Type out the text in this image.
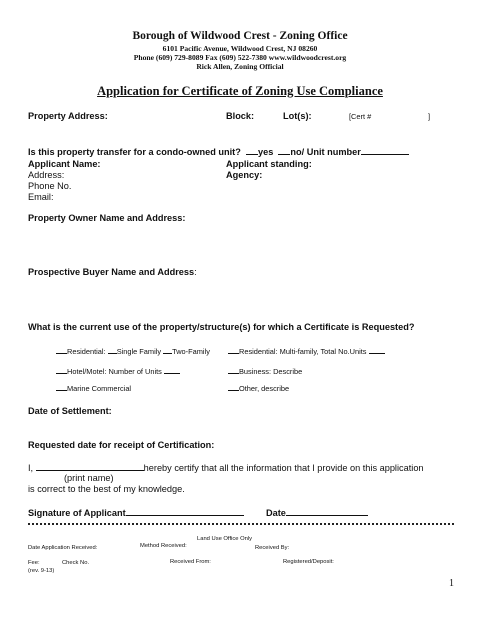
Borough of Wildwood Crest - Zoning Office
6101 Pacific Avenue, Wildwood Crest, NJ 08260
Phone (609) 729-8089 Fax (609) 522-7380 www.wildwoodcrest.org
Rick Allen, Zoning Official
Application for Certificate of Zoning Use Compliance
Property Address:	Block:	Lot(s):	[Cert #	]
Is this property transfer for a condo-owned unit? yes no/ Unit number
Applicant Name:
Address:
Phone No.
Email:
Applicant standing:
Agency:
Property Owner Name and Address:
Prospective Buyer Name and Address:
What is the current use of the property/structure(s) for which a Certificate is Requested?
Residential: Single Family Two-Family	Residential: Multi-family, Total No.Units
Hotel/Motel: Number of Units	Business: Describe
Marine Commercial	Other, describe
Date of Settlement:
Requested date for receipt of Certification:
I,	hereby certify that all the information that I provide on this application
(print name)
is correct to the best of my knowledge.
Signature of Applicant	Date
Land Use Office Only
Date Application Received:	Method Received:	Received By:
Fee:	Check No.	Received From:	Registered/Deposit:
(rev. 9-13)
1
